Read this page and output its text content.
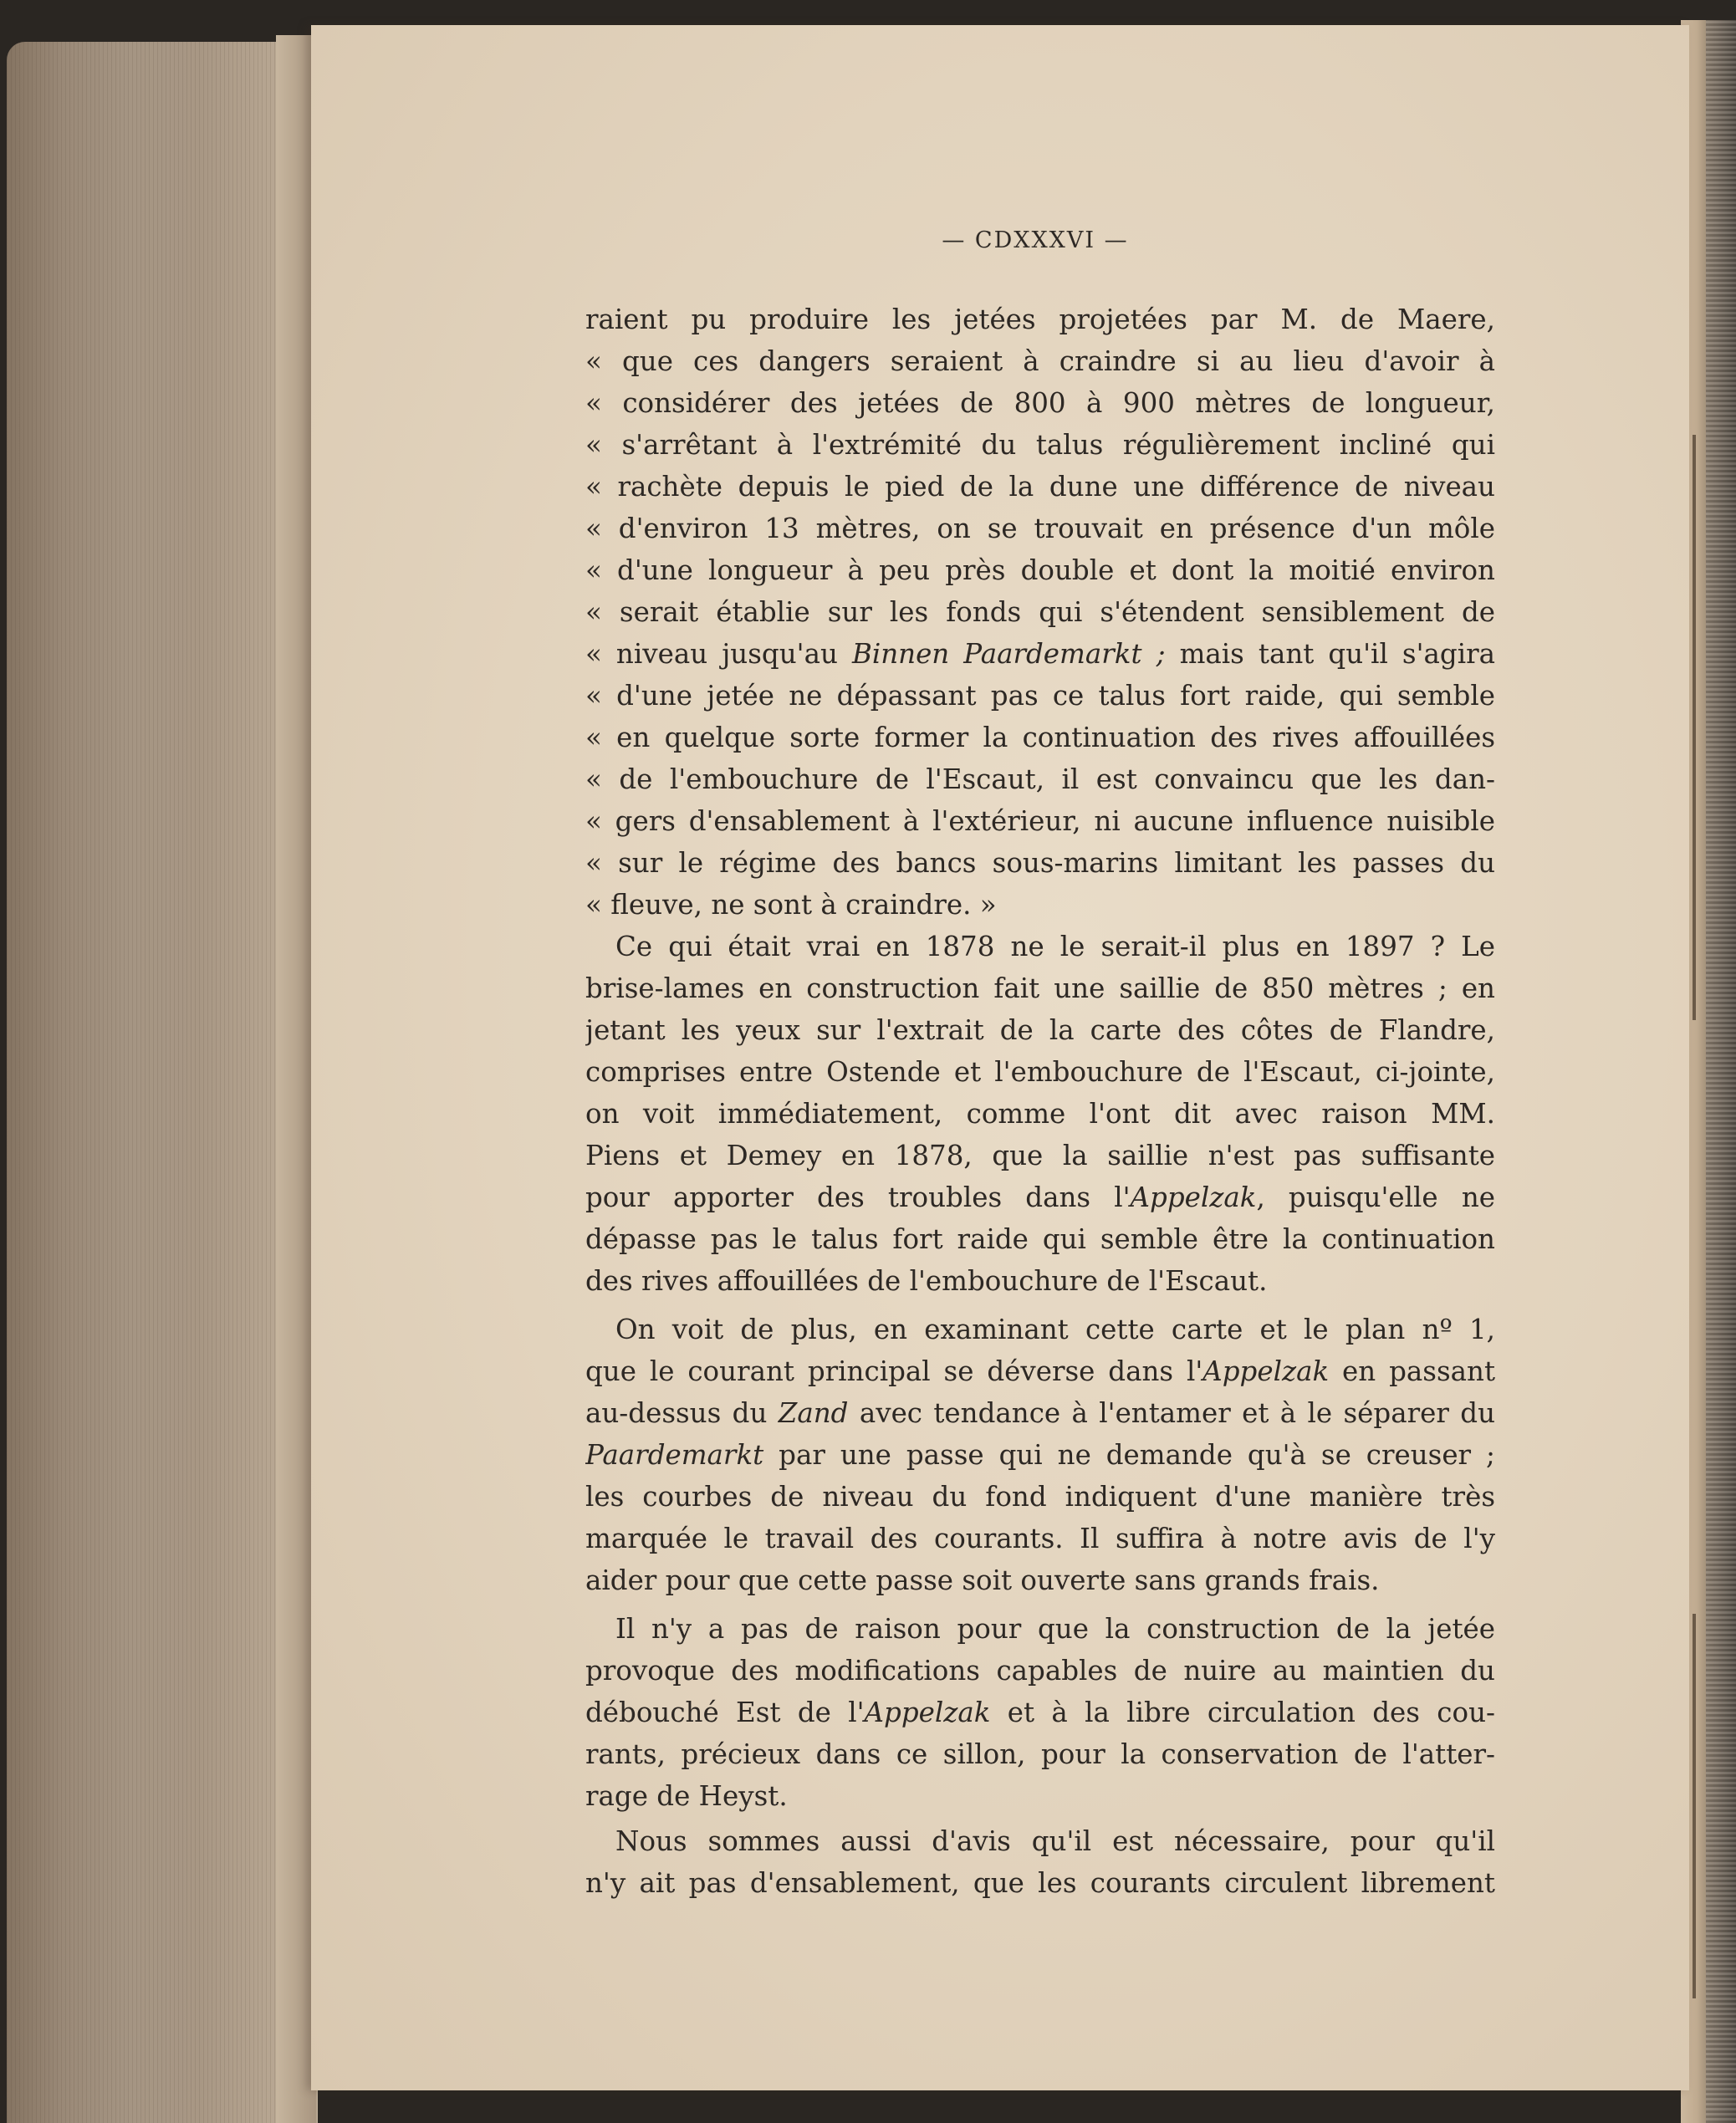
— CDXXXVI —
raient pu produire les jetées projetées par M. de Maere,
« que ces dangers seraient à craindre si au lieu d'avoir à
« considérer des jetées de 800 à 900 mètres de longueur,
« s'arrêtant à l'extrémité du talus régulièrement incliné qui
« rachète depuis le pied de la dune une différence de niveau
« d'environ 13 mètres, on se trouvait en présence d'un môle
« d'une longueur à peu près double et dont la moitié environ
« serait établie sur les fonds qui s'étendent sensiblement de
« niveau jusqu'au Binnen Paardemarkt ; mais tant qu'il s'agira
« d'une jetée ne dépassant pas ce talus fort raide, qui semble
« en quelque sorte former la continuation des rives affouillées
« de l'embouchure de l'Escaut, il est convaincu que les dan-
« gers d'ensablement à l'extérieur, ni aucune influence nuisible
« sur le régime des bancs sous-marins limitant les passes du
« fleuve, ne sont à craindre. »
Ce qui était vrai en 1878 ne le serait-il plus en 1897 ? Le
brise-lames en construction fait une saillie de 850 mètres ; en
jetant les yeux sur l'extrait de la carte des côtes de Flandre,
comprises entre Ostende et l'embouchure de l'Escaut, ci-jointe,
on voit immédiatement, comme l'ont dit avec raison MM.
Piens et Demey en 1878, que la saillie n'est pas suffisante
pour apporter des troubles dans l'Appelzak, puisqu'elle ne
dépasse pas le talus fort raide qui semble être la continuation
des rives affouillées de l'embouchure de l'Escaut.
On voit de plus, en examinant cette carte et le plan nº 1,
que le courant principal se déverse dans l'Appelzak en passant
au-dessus du Zand avec tendance à l'entamer et à le séparer du
Paardemarkt par une passe qui ne demande qu'à se creuser ;
les courbes de niveau du fond indiquent d'une manière très
marquée le travail des courants. Il suffira à notre avis de l'y
aider pour que cette passe soit ouverte sans grands frais.
Il n'y a pas de raison pour que la construction de la jetée
provoque des modifications capables de nuire au maintien du
débouché Est de l'Appelzak et à la libre circulation des cou-
rants, précieux dans ce sillon, pour la conservation de l'atter-
rage de Heyst.
Nous sommes aussi d'avis qu'il est nécessaire, pour qu'il
n'y ait pas d'ensablement, que les courants circulent librement
